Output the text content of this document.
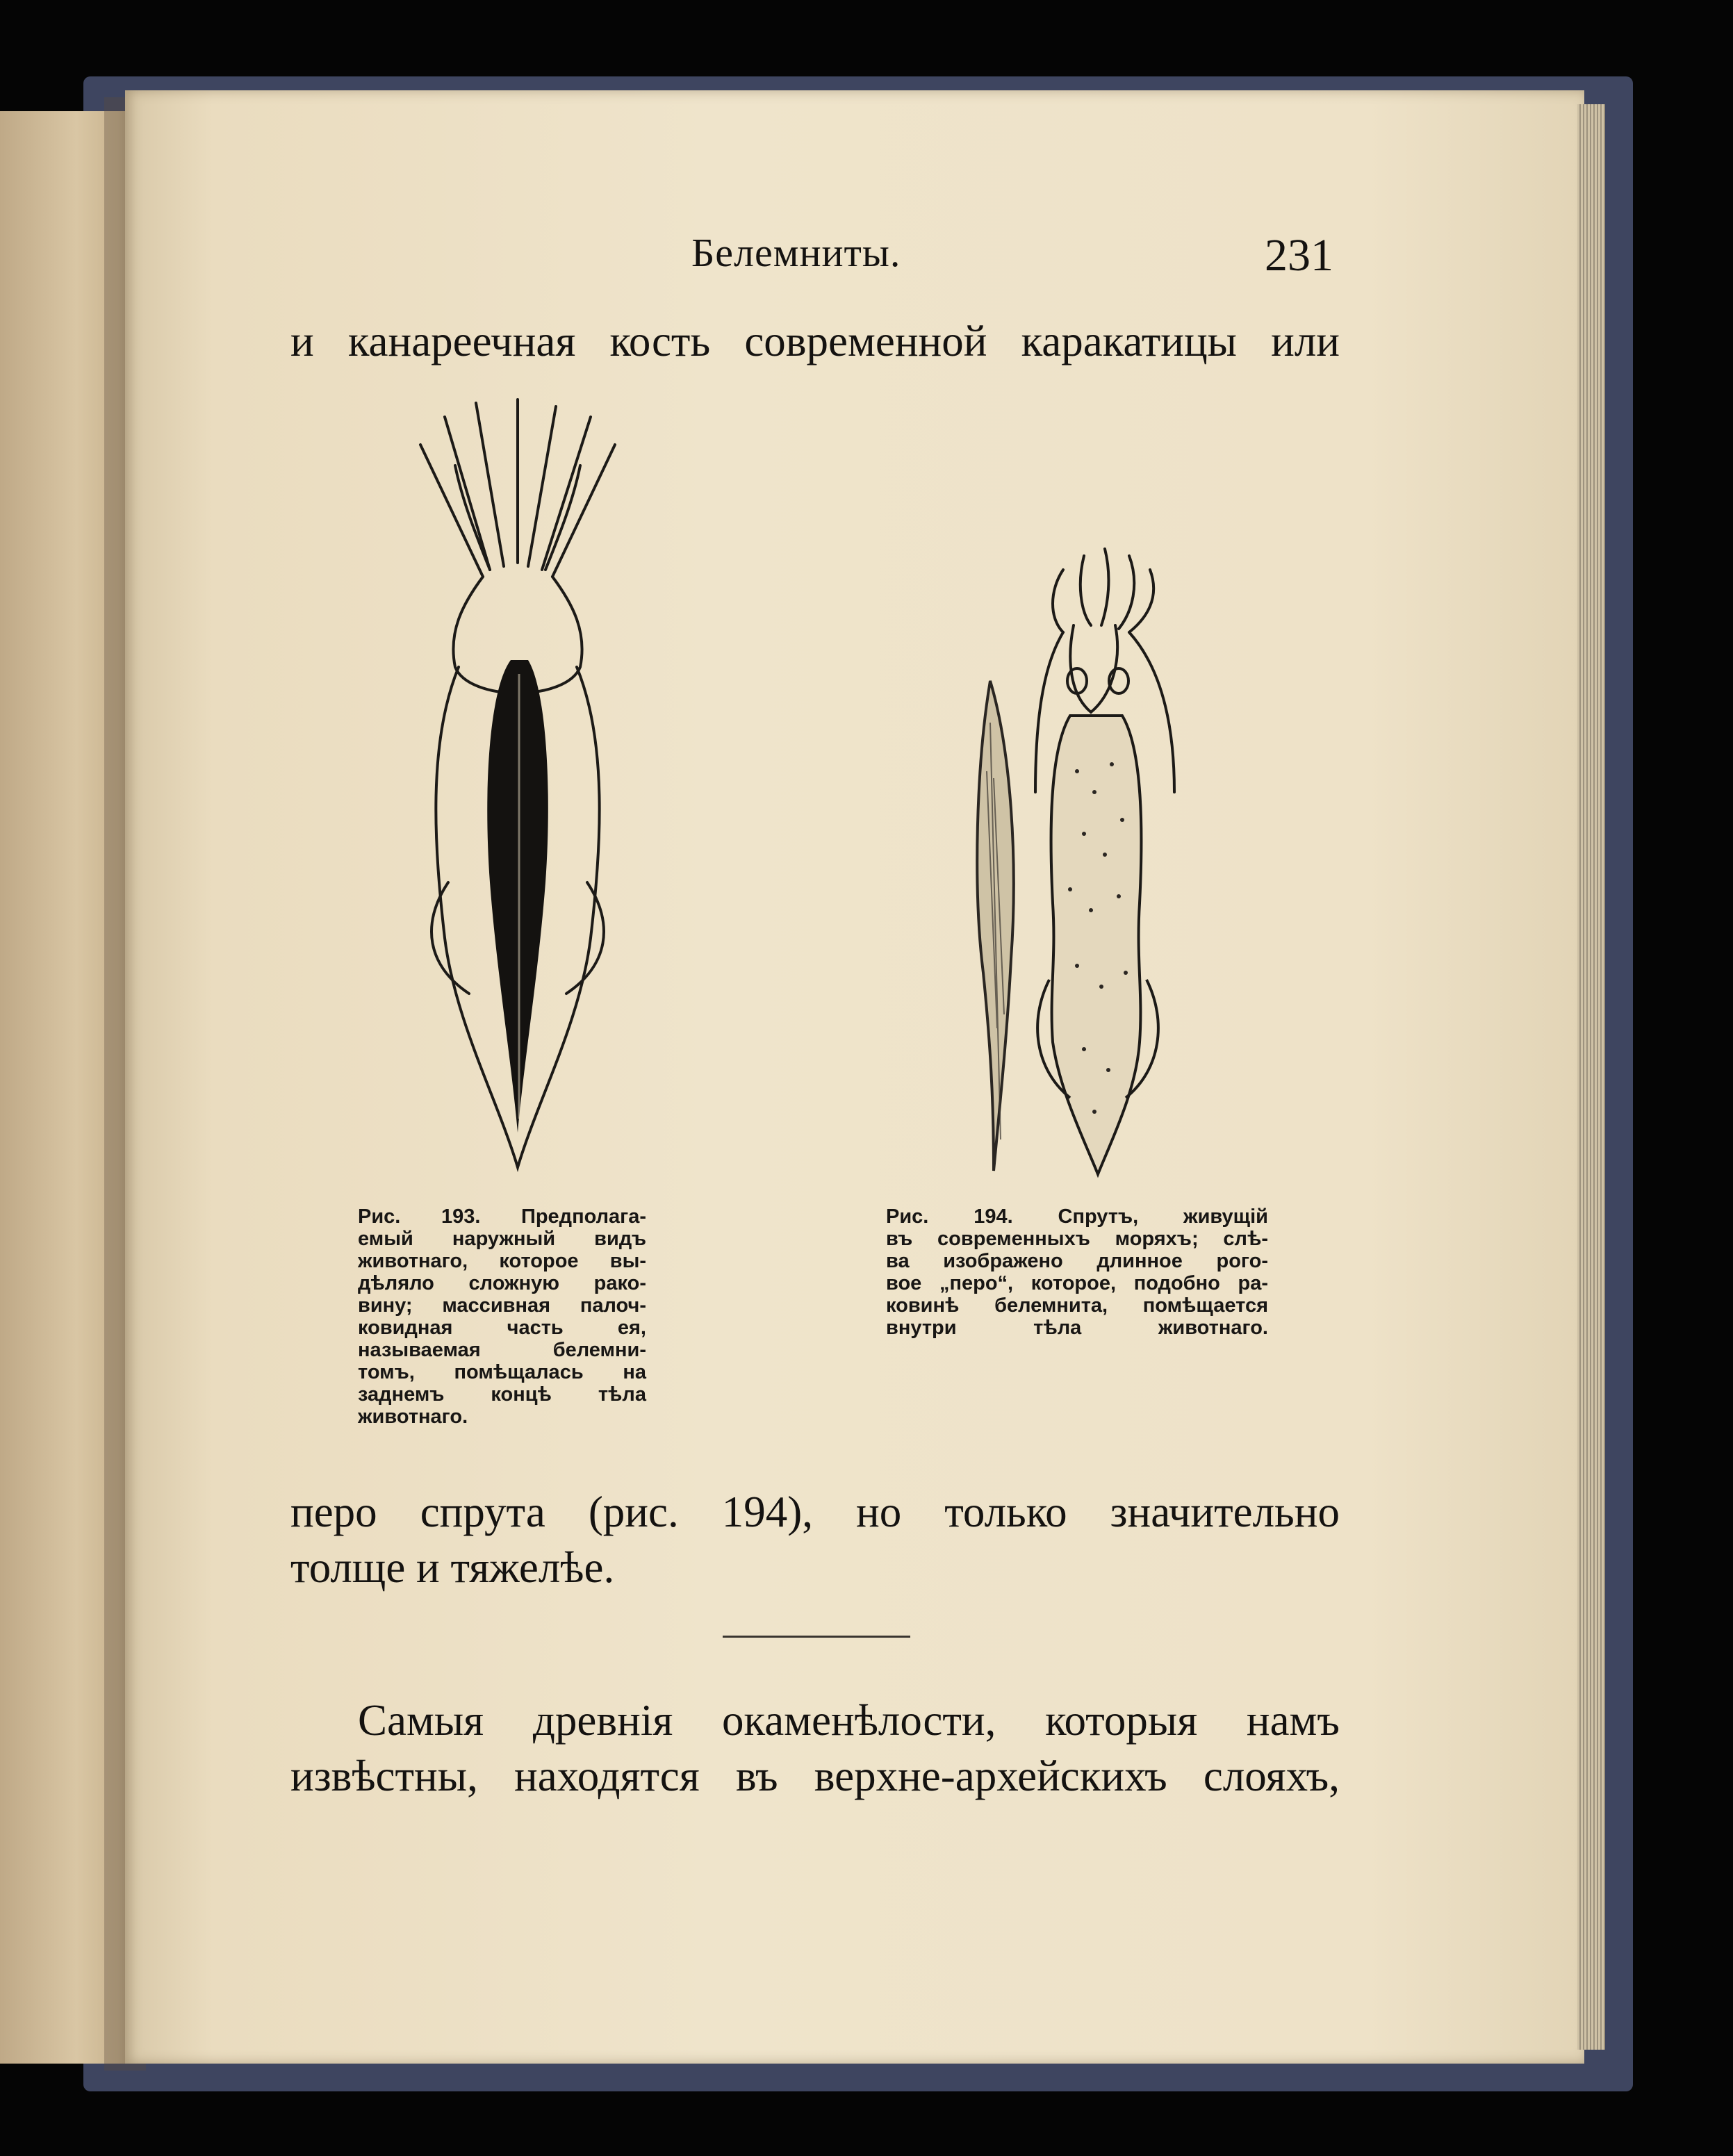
Белемниты.	231
и канареечная кость современной каракатицы или
Рис. 193. Предполага-
емый наружный видъ
животнаго, которое вы-
дѣляло сложную рако-
вину; массивная палоч-
ковидная часть ея,
называемая белемни-
томъ, помѣщалась на
заднемъ концѣ тѣла
животнаго.
Рис. 194. Спрутъ, живущій
въ современныхъ моряхъ; слѣ-
ва изображено длинное рого-
вое „перо“, которое, подобно ра-
ковинѣ белемнита, помѣщается
внутри тѣла животнаго.
перо спрута (рис. 194), но только значительно
толще и тяжелѣе.
Самыя древнія окаменѣлости, которыя намъ
извѣстны, находятся въ верхне-архейскихъ слояхъ,
